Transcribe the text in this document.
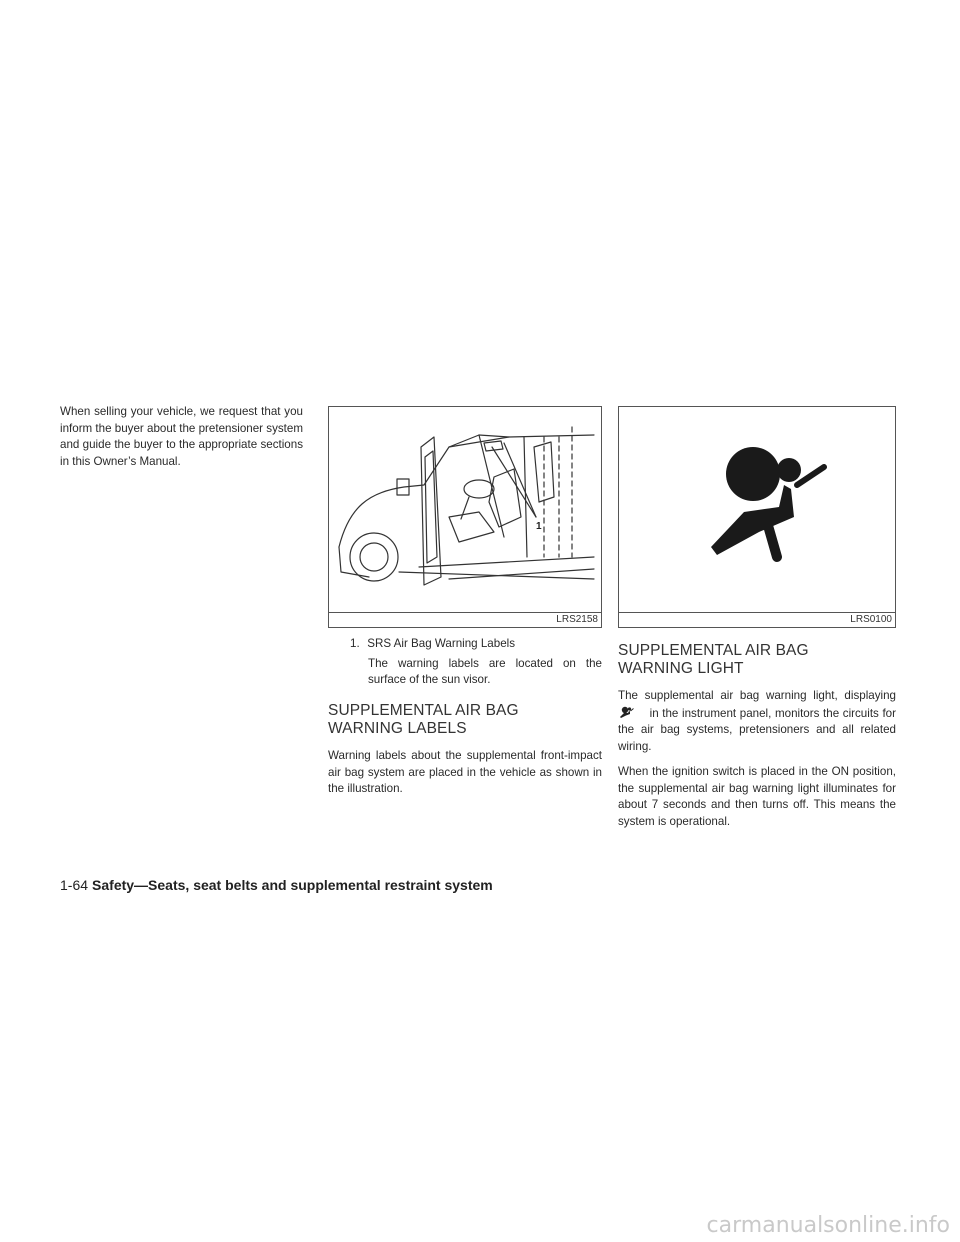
When selling your vehicle, we request that you inform the buyer about the pretensioner system and guide the buyer to the appropriate sections in this Owner’s Manual.

1
LRS2158
1. SRS Air Bag Warning Labels
The warning labels are located on the surface of the sun visor.
SUPPLEMENTAL AIR BAG
WARNING LABELS

Warning labels about the supplemental front-impact air bag system are placed in the vehicle as shown in the illustration.

LRS0100
SUPPLEMENTAL AIR BAG
WARNING LIGHT

The supplemental air bag warning light, displaying  in the instrument panel, monitors the circuits for the air bag systems, pretensioners and all related wiring.

When the ignition switch is placed in the ON position, the supplemental air bag warning light illuminates for about 7 seconds and then turns off. This means the system is operational.

1-64 Safety—Seats, seat belts and supplemental restraint system
carmanualsonline.info
